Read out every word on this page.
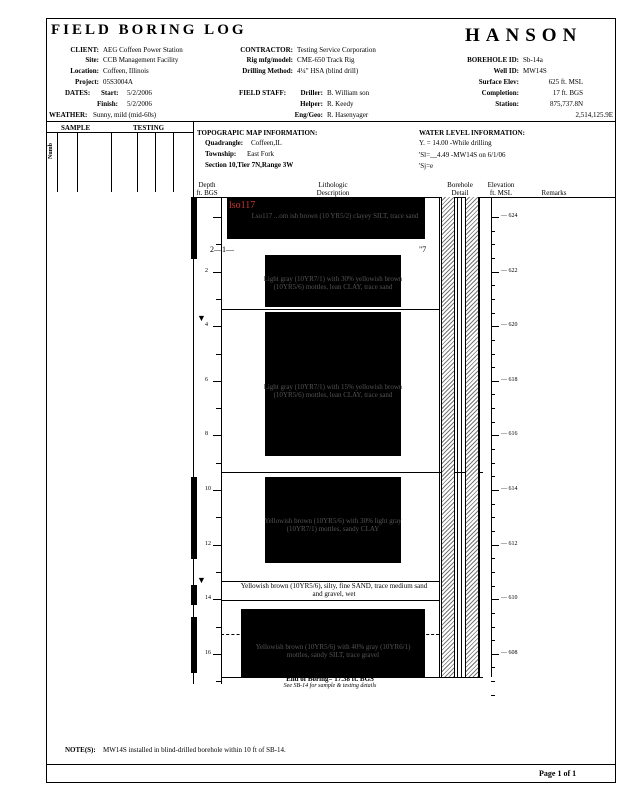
FIELD BORING LOG	HANSON
CLIENT: AEG Coffeen Power Station
Site: CCB Management Facility
Location: Coffeen, Illinois
Project: 05S3004A
DATES: Start: 5/2/2006
Finish: 5/2/2006
WEATHER: Sunny, mild (mid-60s)
CONTRACTOR: Testing Service Corporation
Rig mfg/model: CME-650 Track Rig
Drilling Method: 4¼" HSA (blind drill)
FIELD STAFF:	Driller: B. William son
Helper: R. Keedy
Eng/Geo: R. Hasenyager
BOREHOLE ID: Sb-14a
Well ID: MW14S
Surface Elev:	625 ft. MSL
Completion:	17 ft. BGS
Station:	875,737.8N
2,514,125.9E
SAMPLE	TESTING
Numb
TOPOGRAPIC MAP INFORMATION:
Quadrangle: Coffeen,IL
Township: East Fork
Section 10,Tier 7N,Range 3W
WATER LEVEL INFORMATION:
Y. = 14.00 -While drilling
'Sl=__4.49 -MW14S on 6/1/06
'Sj=e
Depth
ft. BGS
Lithologic
Description
Borehole
Detail
Elevation
ft. MSL	Remarks
lso117
Lso117 ...om ish brown (10 YR5/2) clayey SILT, trace sand
2—1—	"7
Light gray (10YR7/1) with 30% yellowish brown (10YR5/6) mottles, lean CLAY, trace sand
Light gray (10YR7/1) with 15% yellowish brown (10YR5/6) mottles, lean CLAY, trace sand
Yellowish brown (10YR5/6) with 30% light gray (10YR7/1) mottles, sandy CLAY
Yellowish brown (10YR5/6), silty, fine SAND, trace medium sand and gravel, wet
Yellowish brown (10YR5/6) with 40% gray (10YR6/1) mottles, sandy SILT, trace gravel
▼
▼
End of Boring= 17.38 ft. BGS
See SB-14 for sample & testing details
NOTE(S): MW14S installed in blind-drilled borehole within 10 ft of SB-14.
Page 1 of 1
2
4
6
8
10
12
14
16
— 624
— 622
— 620
— 618
— 616
— 614
— 612
— 610
— 608
